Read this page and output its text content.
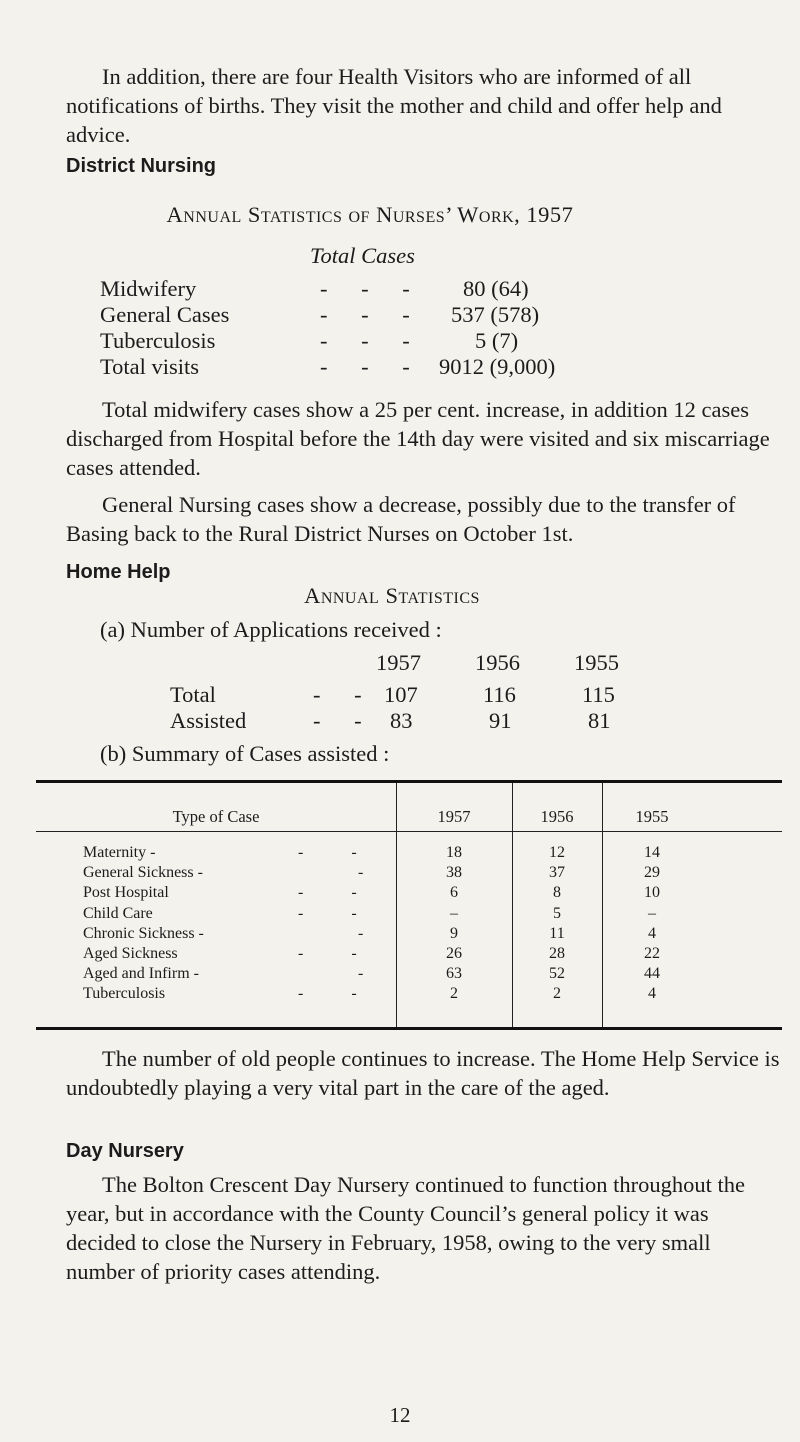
In addition, there are four Health Visitors who are informed of all notifications of births. They visit the mother and child and offer help and advice.
District Nursing
Annual Statistics of Nurses’ Work, 1957
Total Cases
Midwifery	- - - 80 (64)
General Cases	- - - 537 (578)
Tuberculosis	- - -	5 (7)
Total visits	- - - 9012 (9,000)
Total midwifery cases show a 25 per cent. increase, in addition 12 cases discharged from Hospital before the 14th day were visited and six miscarriage cases attended.
General Nursing cases show a decrease, possibly due to the transfer of Basing back to the Rural District Nurses on October 1st.
Home Help
Annual Statistics
(a) Number of Applications received :
1957 1956 1955
Total	- - 107	116	115
Assisted	- - 83	91	81
(b) Summary of Cases assisted :
Type of Case	1957	1956	1955
Maternity -	- -	18	12	14
General Sickness -	-	38	37	29
Post Hospital	- -	6	8	10
Child Care	- -	–	5	–
Chronic Sickness -	-	9	11	4
Aged Sickness	- -	26	28	22
Aged and Infirm -	-	63	52	44
Tuberculosis	- -	2	2	4
The number of old people continues to increase. The Home Help Service is undoubtedly playing a very vital part in the care of the aged.
Day Nursery
The Bolton Crescent Day Nursery continued to function throughout the year, but in accordance with the County Council’s general policy it was decided to close the Nursery in February, 1958, owing to the very small number of priority cases attending.
12
